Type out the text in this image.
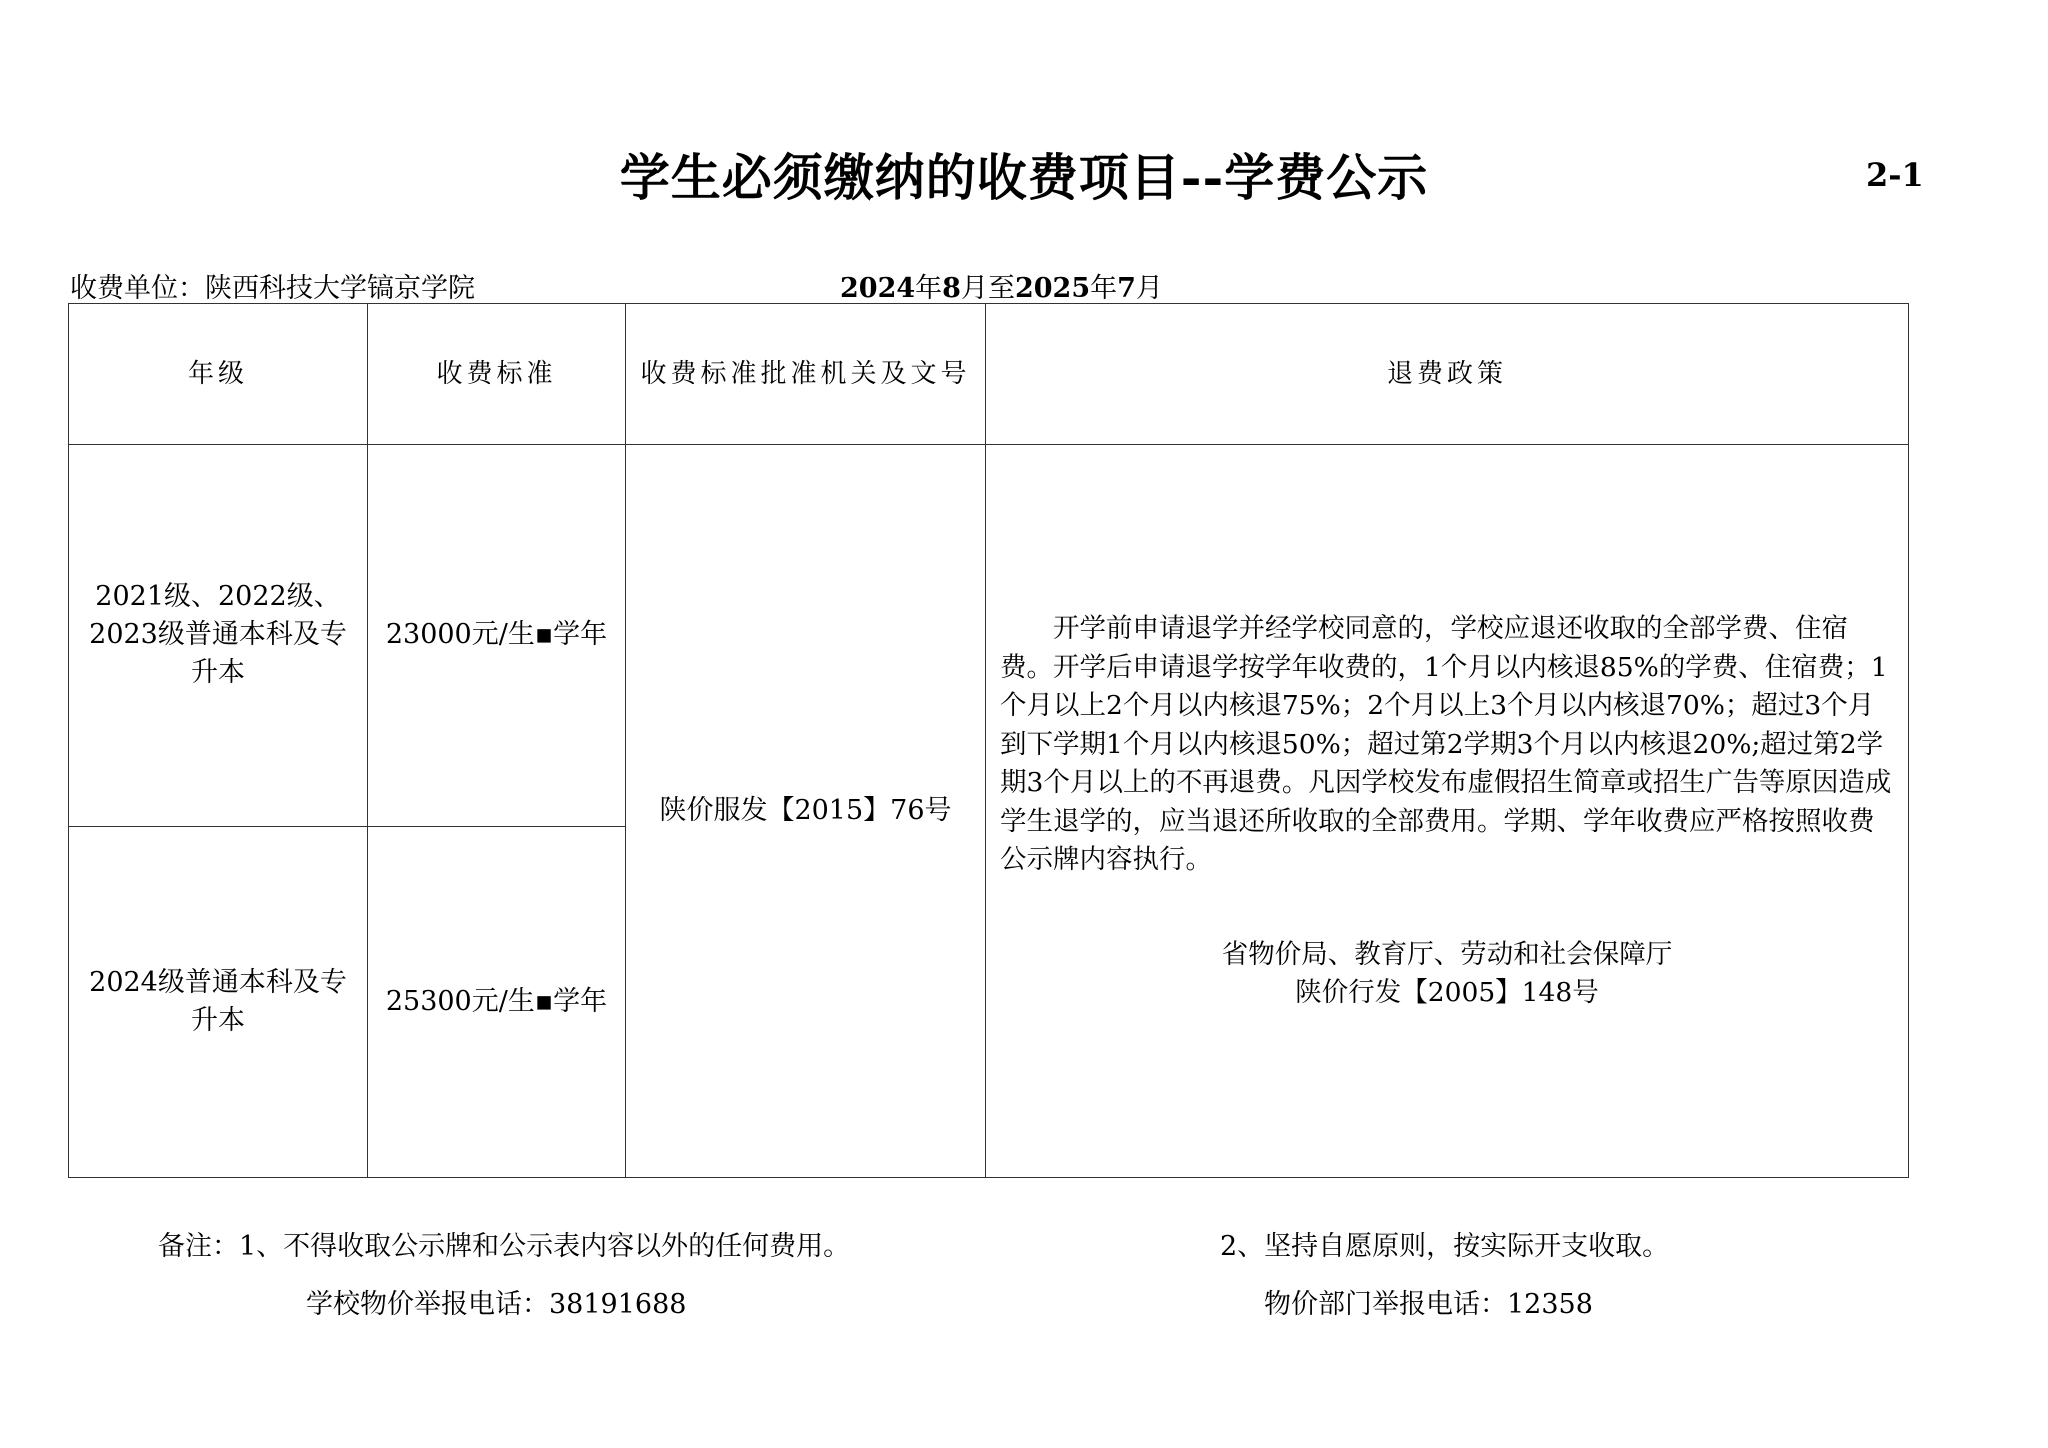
学生必须缴纳的收费项目--学费公示	2-1
收费单位：陕西科技大学镐京学院	2024年8月至2025年7月
年级	收费标准	收费标准批准机关及文号	退费政策
2021级、2022级、2023级普通本科及专升本	23000元/生▪学年	陕价服发【2015】76号	开学前申请退学并经学校同意的，学校应退还收取的全部学费、住宿费。开学后申请退学按学年收费的，1个月以内核退85%的学费、住宿费；1个月以上2个月以内核退75%；2个月以上3个月以内核退70%；超过3个月到下学期1个月以内核退50%；超过第2学期3个月以内核退20%;超过第2学期3个月以上的不再退费。凡因学校发布虚假招生简章或招生广告等原因造成学生退学的，应当退还所收取的全部费用。学期、学年收费应严格按照收费公示牌内容执行。
省物价局、教育厅、劳动和社会保障厅
陕价行发【2005】148号

2024级普通本科及专升本	25300元/生▪学年		
备注：1、不得收取公示牌和公示表内容以外的任何费用。	2、坚持自愿原则，按实际开支收取。
学校物价举报电话：38191688	物价部门举报电话：12358
